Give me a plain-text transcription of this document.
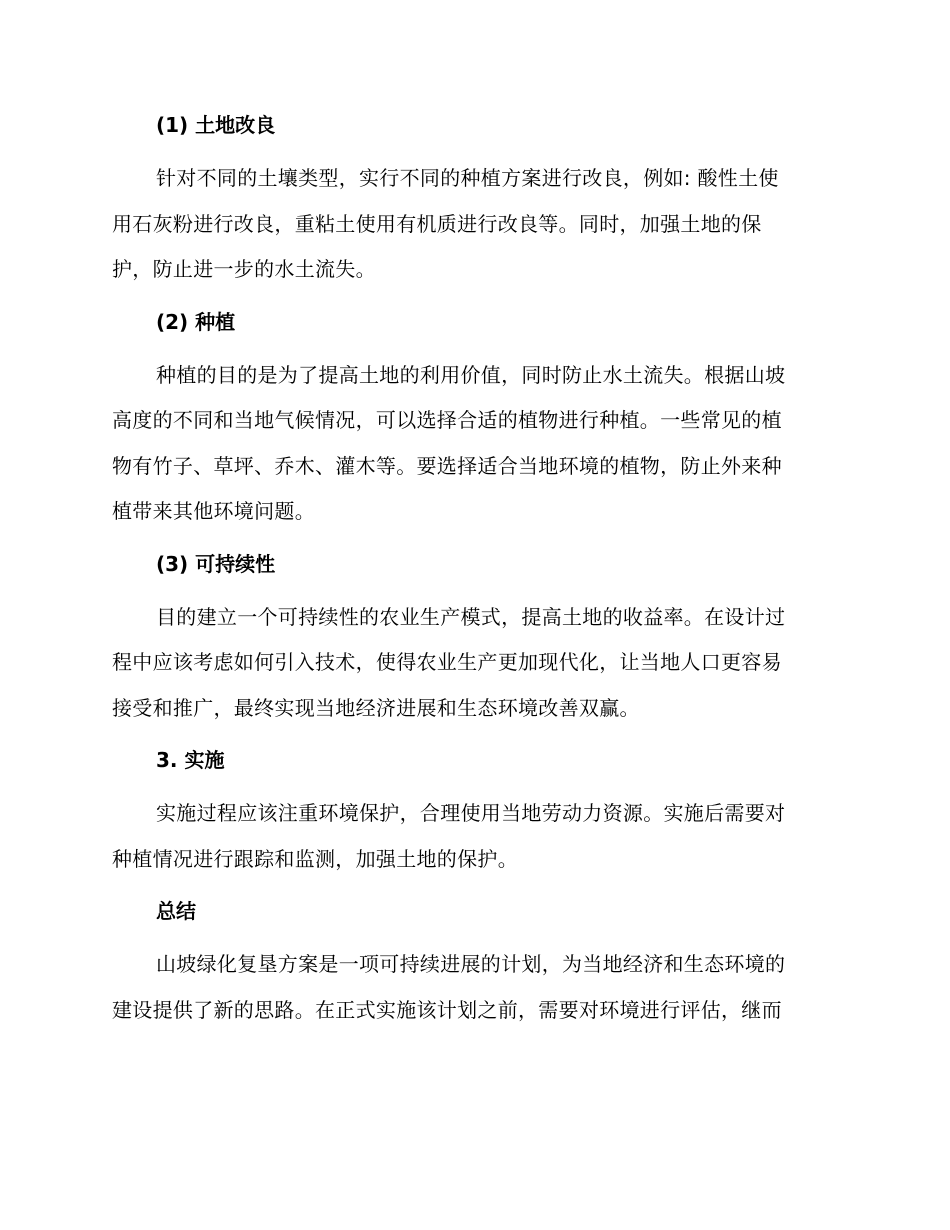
(1) 土地改良
针对不同的土壤类型，实行不同的种植方案进行改良，例如: 酸性土使
用石灰粉进行改良，重粘土使用有机质进行改良等。同时，加强土地的保
护，防止进一步的水土流失。
(2) 种植
种植的目的是为了提高土地的利用价值，同时防止水土流失。根据山坡
高度的不同和当地气候情况，可以选择合适的植物进行种植。一些常见的植
物有竹子、草坪、乔木、灌木等。要选择适合当地环境的植物，防止外来种
植带来其他环境问题。
(3) 可持续性
目的建立一个可持续性的农业生产模式，提高土地的收益率。在设计过
程中应该考虑如何引入技术，使得农业生产更加现代化，让当地人口更容易
接受和推广，最终实现当地经济进展和生态环境改善双赢。
3. 实施
实施过程应该注重环境保护，合理使用当地劳动力资源。实施后需要对
种植情况进行跟踪和监测，加强土地的保护。
总结
山坡绿化复垦方案是一项可持续进展的计划，为当地经济和生态环境的
建设提供了新的思路。在正式实施该计划之前，需要对环境进行评估，继而
